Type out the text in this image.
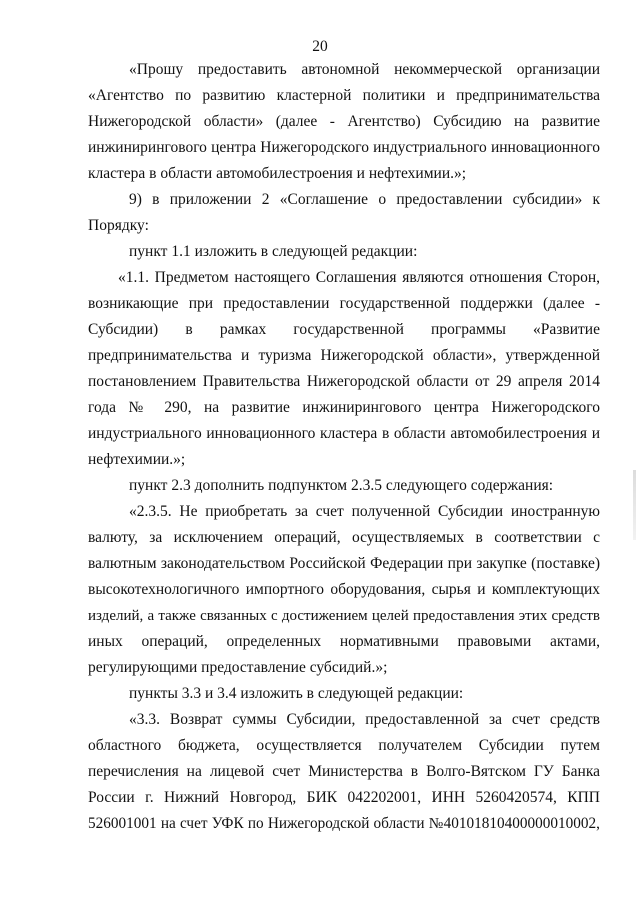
20
«Прошу предоставить автономной некоммерческой организации
«Агентство по развитию кластерной политики и предпринимательства
Нижегородской области» (далее - Агентство) Субсидию на развитие
инжинирингового центра Нижегородского индустриального инновационного
кластера в области автомобилестроения и нефтехимии.»;
9) в приложении 2 «Соглашение о предоставлении субсидии» к
Порядку:
пункт 1.1 изложить в следующей редакции:
«1.1. Предметом настоящего Соглашения являются отношения Сторон,
возникающие при предоставлении государственной поддержки (далее -
Субсидии) в рамках государственной программы «Развитие
предпринимательства и туризма Нижегородской области», утвержденной
постановлением Правительства Нижегородской области от 29 апреля 2014
года № 290, на развитие инжинирингового центра Нижегородского
индустриального инновационного кластера в области автомобилестроения и
нефтехимии.»;
пункт 2.3 дополнить подпунктом 2.3.5 следующего содержания:
«2.3.5. Не приобретать за счет полученной Субсидии иностранную
валюту, за исключением операций, осуществляемых в соответствии с
валютным законодательством Российской Федерации при закупке (поставке)
высокотехнологичного импортного оборудования, сырья и комплектующих
изделий, а также связанных с достижением целей предоставления этих средств
иных операций, определенных нормативными правовыми актами,
регулирующими предоставление субсидий.»;
пункты 3.3 и 3.4 изложить в следующей редакции:
«3.3. Возврат суммы Субсидии, предоставленной за счет средств
областного бюджета, осуществляется получателем Субсидии путем
перечисления на лицевой счет Министерства в Волго-Вятском ГУ Банка
России г. Нижний Новгород, БИК 042202001, ИНН 5260420574, КПП
526001001 на счет УФК по Нижегородской области №40101810400000010002,
